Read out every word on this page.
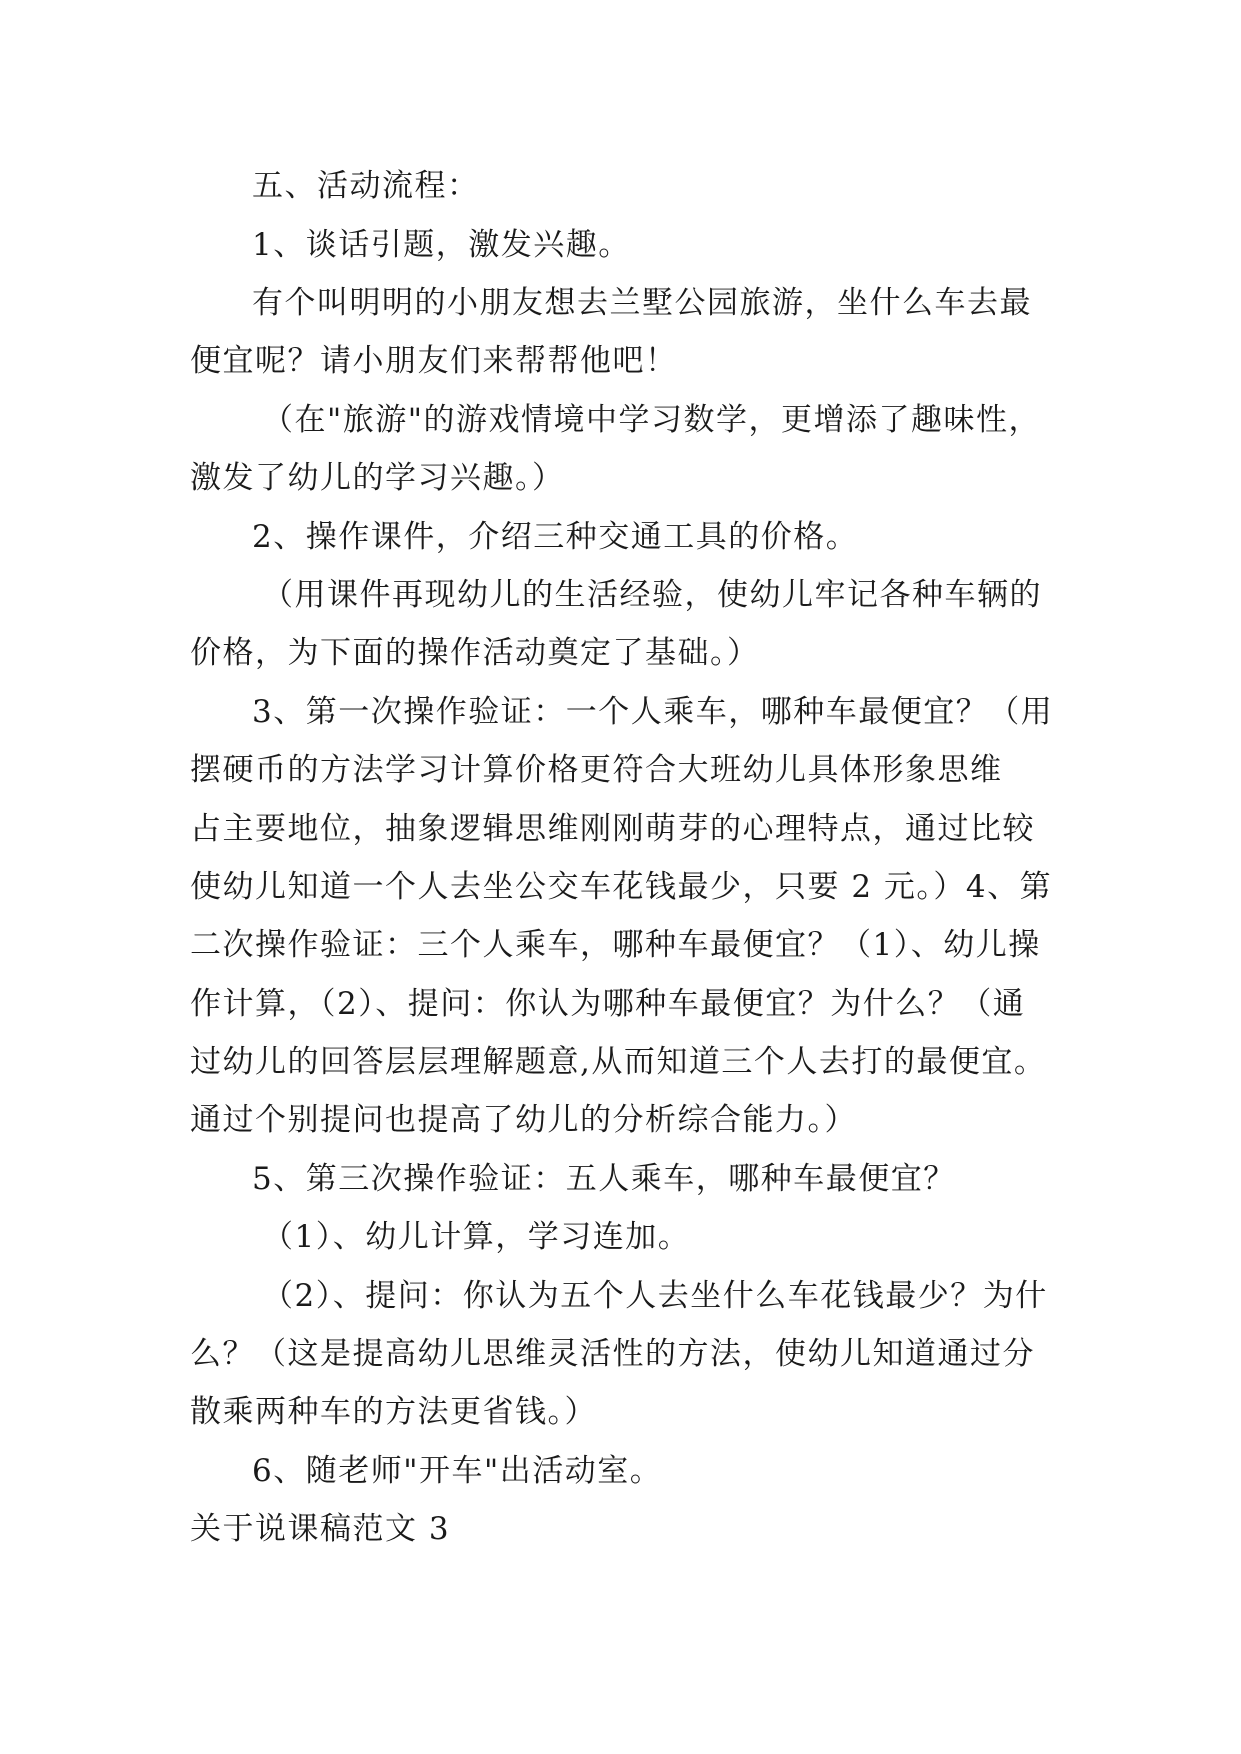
五、活动流程：
1、谈话引题，激发兴趣。
有个叫明明的小朋友想去兰墅公园旅游，坐什么车去最
便宜呢？请小朋友们来帮帮他吧！
（在"旅游"的游戏情境中学习数学，更增添了趣味性，
激发了幼儿的学习兴趣。）
2、操作课件，介绍三种交通工具的价格。
（用课件再现幼儿的生活经验，使幼儿牢记各种车辆的
价格，为下面的操作活动奠定了基础。）
3、第一次操作验证：一个人乘车，哪种车最便宜？（用
摆硬币的方法学习计算价格更符合大班幼儿具体形象思维
占主要地位，抽象逻辑思维刚刚萌芽的心理特点，通过比较
使幼儿知道一个人去坐公交车花钱最少，只要 2 元。）4、第
二次操作验证：三个人乘车，哪种车最便宜？（1）、幼儿操
作计算，（2）、提问：你认为哪种车最便宜？为什么？（通
过幼儿的回答层层理解题意,从而知道三个人去打的最便宜。
通过个别提问也提高了幼儿的分析综合能力。）
5、第三次操作验证：五人乘车，哪种车最便宜？
（1）、幼儿计算，学习连加。
（2）、提问：你认为五个人去坐什么车花钱最少？为什
么？（这是提高幼儿思维灵活性的方法，使幼儿知道通过分
散乘两种车的方法更省钱。）
6、随老师"开车"出活动室。
关于说课稿范文 3
